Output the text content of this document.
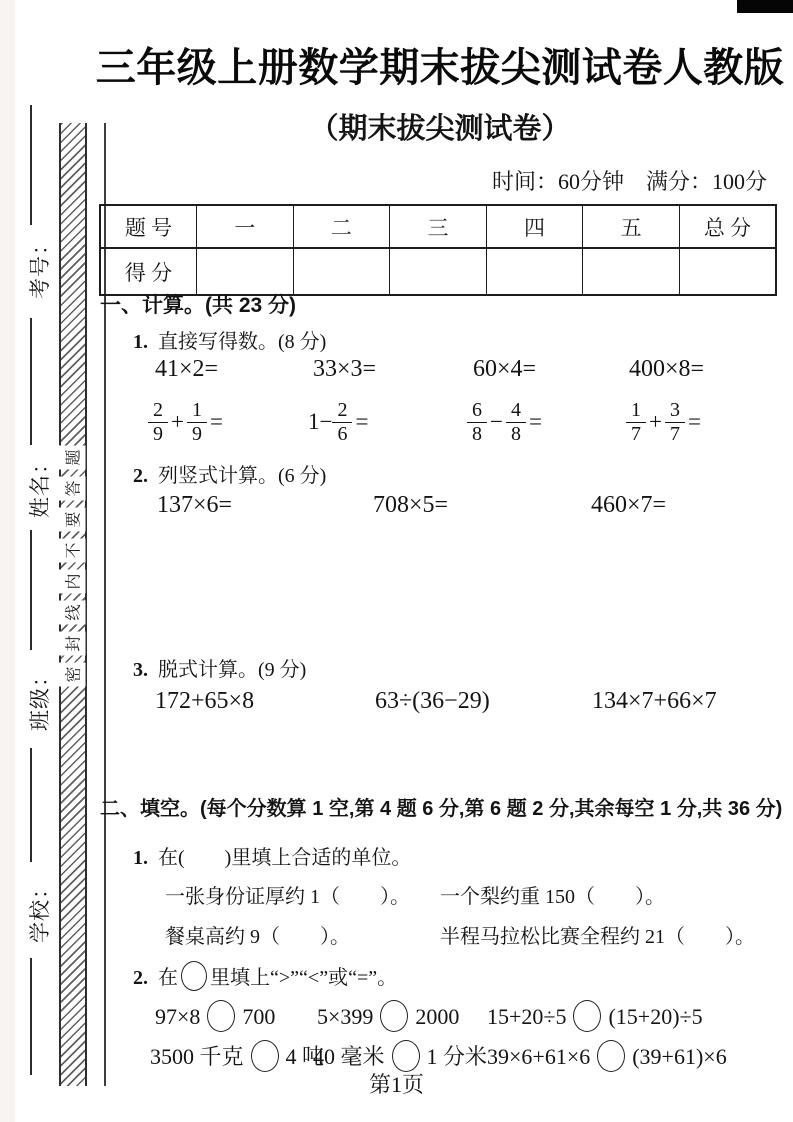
考号：
姓名：
班级：
学校：
题
答
要
不
内
线
封
密
三年级上册数学期末拔尖测试卷人教版
（期末拔尖测试卷）
时间：60分钟　满分：100分
题 号	一	二	三	四	五	总 分
得 分						
一、计算。(共 23 分)
1. 直接写得数。(8 分)
41×2=	33×3=	60×4=	400×8=
$\frac{2}{9} + \frac{1}{9}$ =	$1- \frac{2}{6}$ =	$\frac{6}{8} - \frac{4}{8}$ =	$\frac{1}{7} + \frac{3}{7}$ =
2. 列竖式计算。(6 分)
137×6=	708×5=	460×7=
3. 脱式计算。(9 分)
172+65×8	63÷(36−29)	134×7+66×7
二、填空。(每个分数算 1 空,第 4 题 6 分,第 6 题 2 分,其余每空 1 分,共 36 分)
1. 在(　　)里填上合适的单位。
一张身份证厚约 1（　　）。 一个梨约重 150（　　）。
餐桌高约 9（　　）。	半程马拉松比赛全程约 21（　　）。
2. 在 里填上“>”“<”或“=”。
97×8 700 5×399 2000 15+20÷5 (15+20)÷5
3500 千克 4 吨
40 毫米 1 分米 39×6+61×6 (39+61)×6
第1页
